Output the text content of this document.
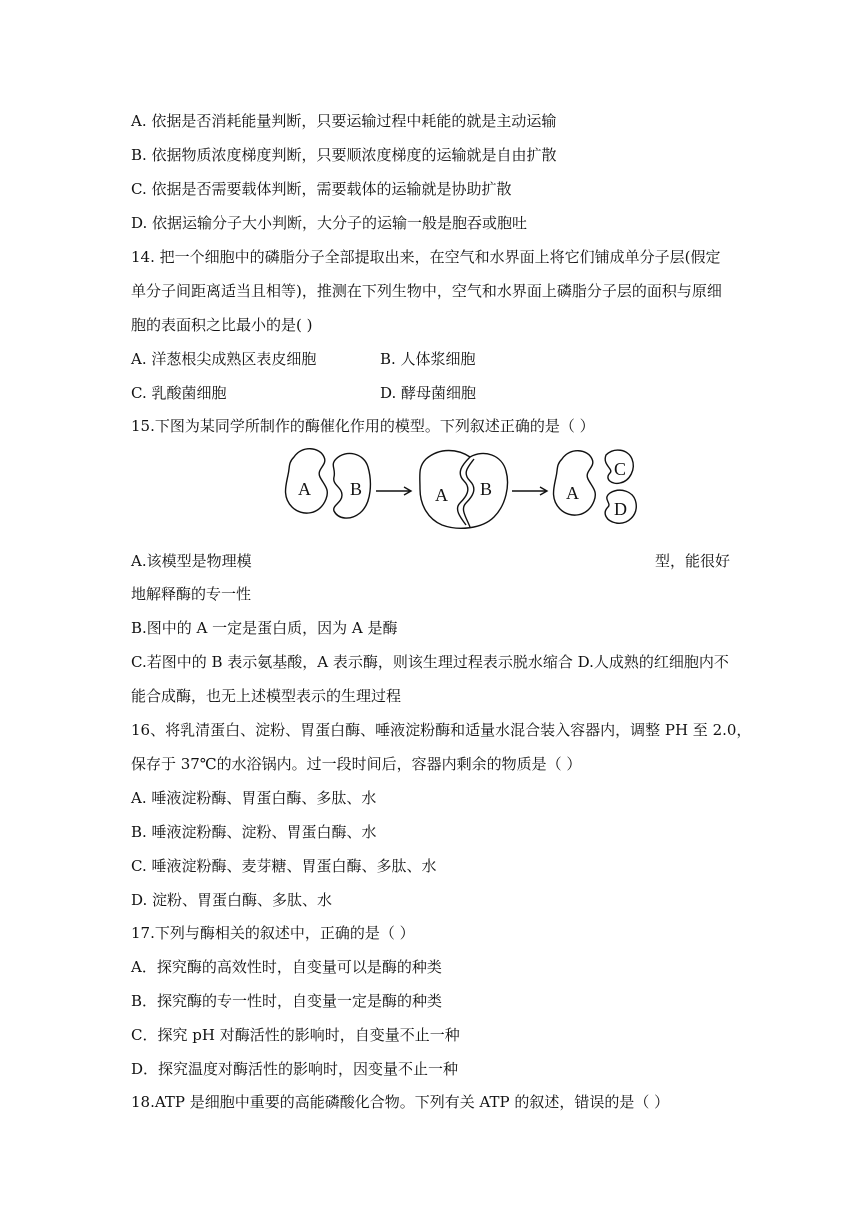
A. 依据是否消耗能量判断，只要运输过程中耗能的就是主动运输
B. 依据物质浓度梯度判断，只要顺浓度梯度的运输就是自由扩散
C. 依据是否需要载体判断，需要载体的运输就是协助扩散
D. 依据运输分子大小判断，大分子的运输一般是胞吞或胞吐
14. 把一个细胞中的磷脂分子全部提取出来，在空气和水界面上将它们铺成单分子层(假定
单分子间距离适当且相等)，推测在下列生物中，空气和水界面上磷脂分子层的面积与原细
胞的表面积之比最小的是( )
A. 洋葱根尖成熟区表皮细胞	B. 人体浆细胞
C. 乳酸菌细胞	D. 酵母菌细胞
15.下图为某同学所制作的酶催化作用的模型。下列叙述正确的是（ ）
A B	A B	A
C
D
A.该模型是物理模	型，能很好
地解释酶的专一性
B.图中的 A 一定是蛋白质，因为 A 是酶
C.若图中的 B 表示氨基酸，A 表示酶，则该生理过程表示脱水缩合 D.人成熟的红细胞内不
能合成酶，也无上述模型表示的生理过程
16、将乳清蛋白、淀粉、胃蛋白酶、唾液淀粉酶和适量水混合装入容器内，调整 PH 至 2.0，
保存于 37℃的水浴锅内。过一段时间后，容器内剩余的物质是（ ）
A. 唾液淀粉酶、胃蛋白酶、多肽、水
B. 唾液淀粉酶、淀粉、胃蛋白酶、水
C. 唾液淀粉酶、麦芽糖、胃蛋白酶、多肽、水
D. 淀粉、胃蛋白酶、多肽、水
17.下列与酶相关的叙述中，正确的是（ ）
A．探究酶的高效性时，自变量可以是酶的种类
B．探究酶的专一性时，自变量一定是酶的种类
C．探究 pH 对酶活性的影响时，自变量不止一种
D．探究温度对酶活性的影响时，因变量不止一种
18.ATP 是细胞中重要的高能磷酸化合物。下列有关 ATP 的叙述，错误的是（ ）
